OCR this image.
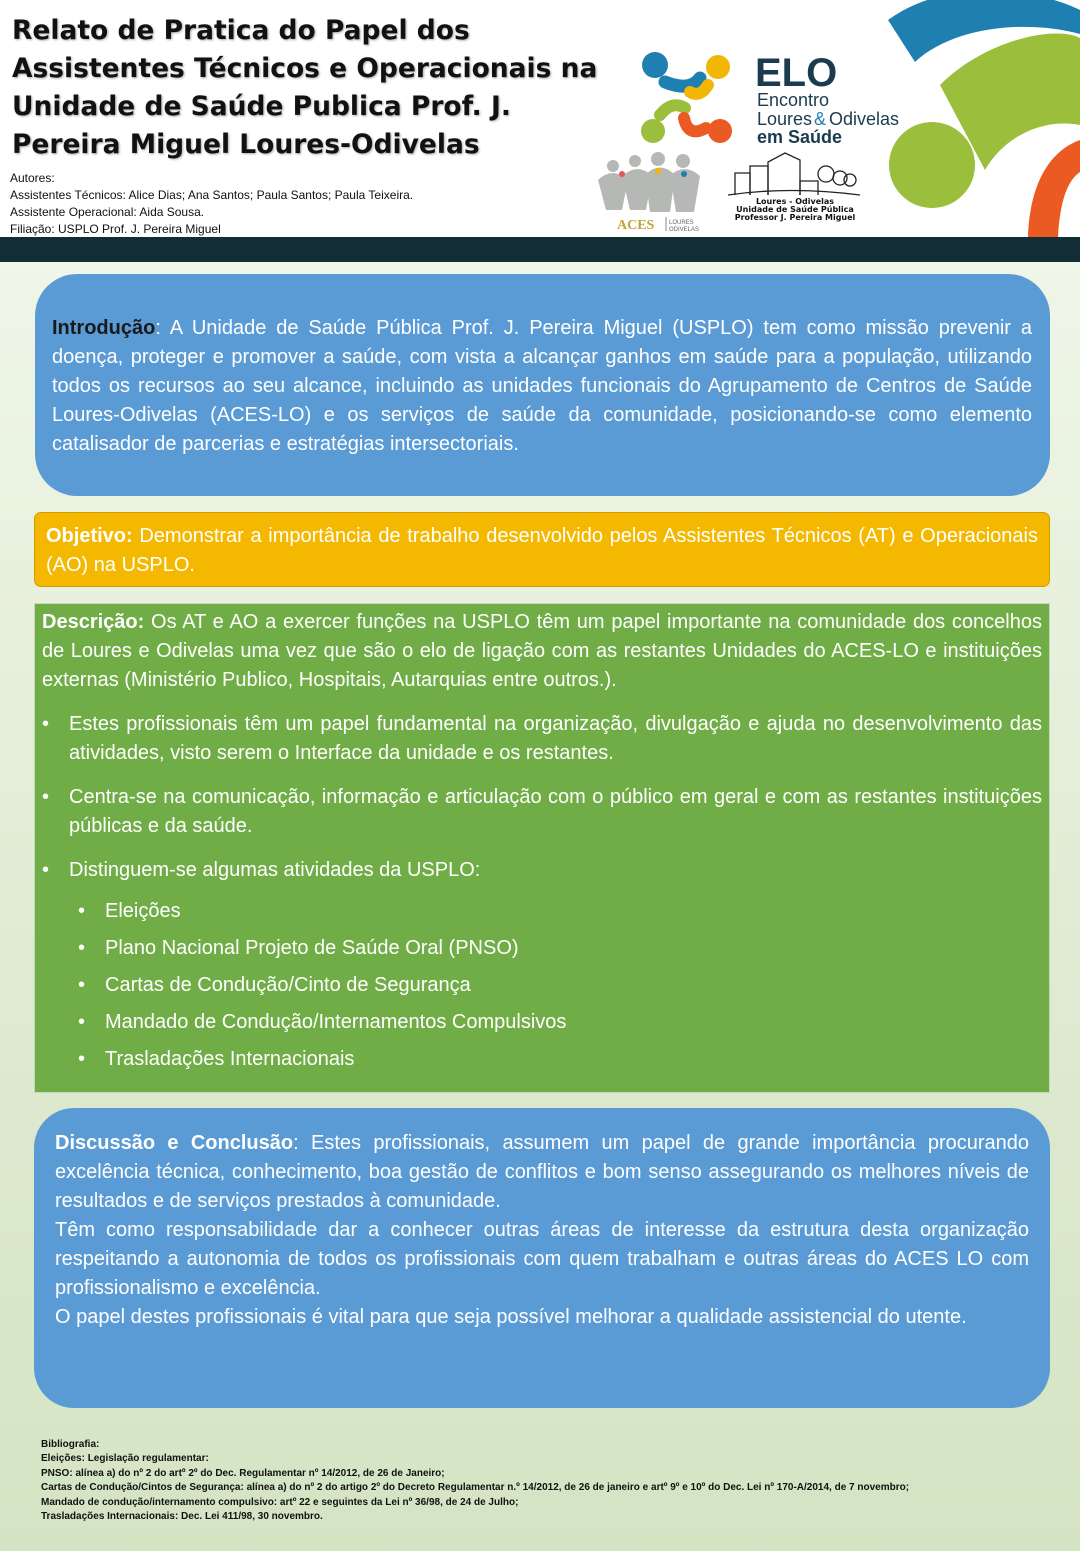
Relato de Pratica do Papel dos Assistentes Técnicos e Operacionais na Unidade de Saúde Publica Prof. J. Pereira Miguel Loures-Odivelas
Autores:
Assistentes Técnicos: Alice Dias; Ana Santos; Paula Santos; Paula Teixeira.
Assistente Operacional: Aida Sousa.
Filiação: USPLO Prof. J. Pereira Miguel
ELO
Encontro
Loures & Odivelas
em Saúde
ACES LOURES
ODIVELAS
Loures - Odivelas
Unidade de Saúde Pública
Professor J. Pereira Miguel
Introdução: A Unidade de Saúde Pública Prof. J. Pereira Miguel (USPLO) tem como missão prevenir a doença, proteger e promover a saúde, com vista a alcançar ganhos em saúde para a população, utilizando todos os recursos ao seu alcance, incluindo as unidades funcionais do Agrupamento de Centros de Saúde Loures-Odivelas (ACES-LO) e os serviços de saúde da comunidade, posicionando-se como elemento catalisador de parcerias e estratégias intersectoriais.
Objetivo: Demonstrar a importância de trabalho desenvolvido pelos Assistentes Técnicos (AT) e Operacionais (AO) na USPLO.
Descrição: Os AT e AO a exercer funções na USPLO têm um papel importante na comunidade dos concelhos de Loures e Odivelas uma vez que são o elo de ligação com as restantes Unidades do ACES-LO e instituições externas (Ministério Publico, Hospitais, Autarquias entre outros.).
• Estes profissionais têm um papel fundamental na organização, divulgação e ajuda no desenvolvimento das atividades, visto serem o Interface da unidade e os restantes.
• Centra-se na comunicação, informação e articulação com o público em geral e com as restantes instituições públicas e da saúde.
• Distinguem-se algumas atividades da USPLO:
• Eleições
• Plano Nacional Projeto de Saúde Oral (PNSO)
• Cartas de Condução/Cinto de Segurança
• Mandado de Condução/Internamentos Compulsivos
• Trasladações Internacionais
Discussão e Conclusão: Estes profissionais, assumem um papel de grande importância procurando excelência técnica, conhecimento, boa gestão de conflitos e bom senso assegurando os melhores níveis de resultados e de serviços prestados à comunidade.
Têm como responsabilidade dar a conhecer outras áreas de interesse da estrutura desta organização respeitando a autonomia de todos os profissionais com quem trabalham e outras áreas do ACES LO com profissionalismo e excelência.
O papel destes profissionais é vital para que seja possível melhorar a qualidade assistencial do utente.
Bibliografia:
Eleições: Legislação regulamentar:
PNSO: alínea a) do nº 2 do artº 2º do Dec. Regulamentar nº 14/2012, de 26 de Janeiro;
Cartas de Condução/Cintos de Segurança: alínea a) do nº 2 do artigo 2º do Decreto Regulamentar n.º 14/2012, de 26 de janeiro e artº 9º e 10º do Dec. Lei nº 170-A/2014, de 7 novembro;
Mandado de condução/internamento compulsivo: artº 22 e seguintes da Lei nº 36/98, de 24 de Julho;
Trasladações Internacionais: Dec. Lei 411/98, 30 novembro.
